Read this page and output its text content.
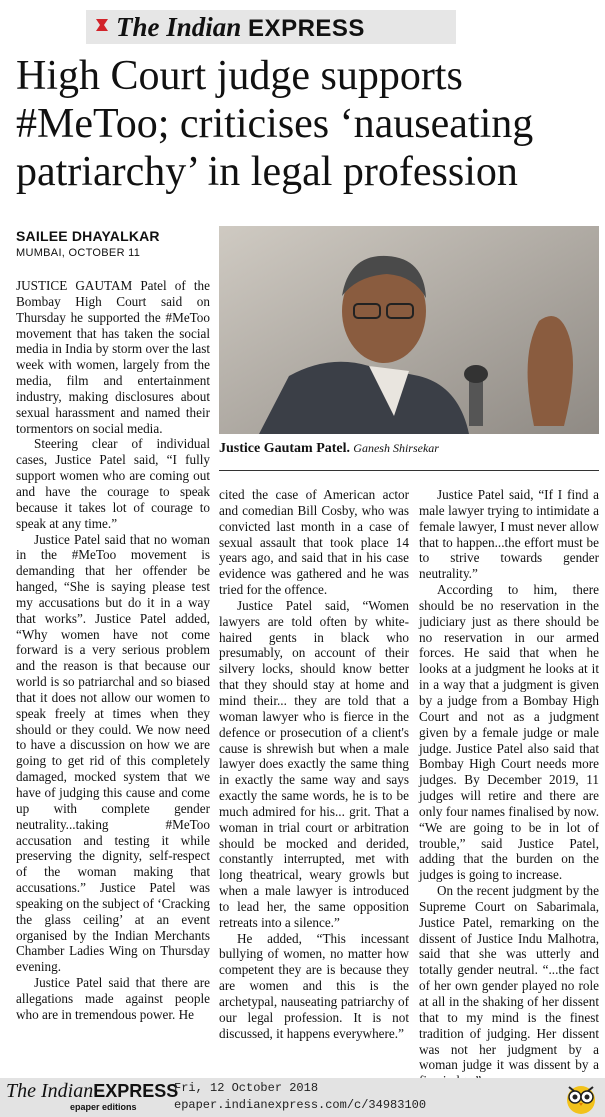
The Indian EXPRESS
High Court judge supports #MeToo; criticises ‘nauseating patriarchy’ in legal profession
SAILEE DHAYALKAR
MUMBAI, OCTOBER 11

JUSTICE GAUTAM Patel of the Bombay High Court said on Thursday he supported the #MeToo movement that has taken the social media in India by storm over the last week with women, largely from the media, film and entertainment industry, making disclosures about sexual harassment and named their tormentors on social media.

Steering clear of individual cases, Justice Patel said, “I fully support women who are coming out and have the courage to speak because it takes lot of courage to speak at any time.”

Justice Patel said that no woman in the #MeToo movement is demanding that her offender be hanged, “She is saying please test my accusations but do it in a way that works”. Justice Patel added, “Why women have not come forward is a very serious problem and the reason is that because our world is so patriarchal and so biased that it does not allow our women to speak freely at times when they should or they could. We now need to have a discussion on how we are going to get rid of this completely damaged, mocked system that we have of judging this cause and come up with complete gender neutrality...taking #MeToo accusation and testing it while preserving the dignity, self-respect of the woman making that accusations.” Justice Patel was speaking on the subject of ‘Cracking the glass ceiling’ at an event organised by the Indian Merchants Chamber Ladies Wing on Thursday evening.

Justice Patel said that there are allegations made against people who are in tremendous power. He

Justice Gautam Patel. Ganesh Shirsekar

cited the case of American actor and comedian Bill Cosby, who was convicted last month in a case of sexual assault that took place 14 years ago, and said that in his case evidence was gathered and he was tried for the offence.

Justice Patel said, “Women lawyers are told often by white-haired gents in black who presumably, on account of their silvery locks, should know better that they should stay at home and mind their... they are told that a woman lawyer who is fierce in the defence or prosecution of a client's cause is shrewish but when a male lawyer does exactly the same thing in exactly the same way and says exactly the same words, he is to be much admired for his... grit. That a woman in trial court or arbitration should be mocked and derided, constantly interrupted, met with long theatrical, weary growls but when a male lawyer is introduced to lead her, the same opposition retreats into a silence.”

He added, “This incessant bullying of women, no matter how competent they are is because they are women and this is the archetypal, nauseating patriarchy of our legal profession. It is not discussed, it happens everywhere.”

Justice Patel said, “If I find a male lawyer trying to intimidate a female lawyer, I must never allow that to happen...the effort must be to strive towards gender neutrality.”

According to him, there should be no reservation in the judiciary just as there should be no reservation in our armed forces. He said that when he looks at a judgment he looks at it in a way that a judgment is given by a judge from a Bombay High Court and not as a judgment given by a female judge or male judge. Justice Patel also said that Bombay High Court needs more judges. By December 2019, 11 judges will retire and there are only four names finalised by now. “We are going to be in lot of trouble,” said Justice Patel, adding that the burden on the judges is going to increase.

On the recent judgment by the Supreme Court on Sabarimala, Justice Patel, remarking on the dissent of Justice Indu Malhotra, said that she was utterly and totally gender neutral. “...the fact of her own gender played no role at all in the shaking of her dissent that to my mind is the finest tradition of judging. Her dissent was not her judgment by a woman judge it was dissent by a

The IndianEXPRESS
epaper editions
Fri, 12 October 2018
epaper.indianexpress.com/c/34983100
